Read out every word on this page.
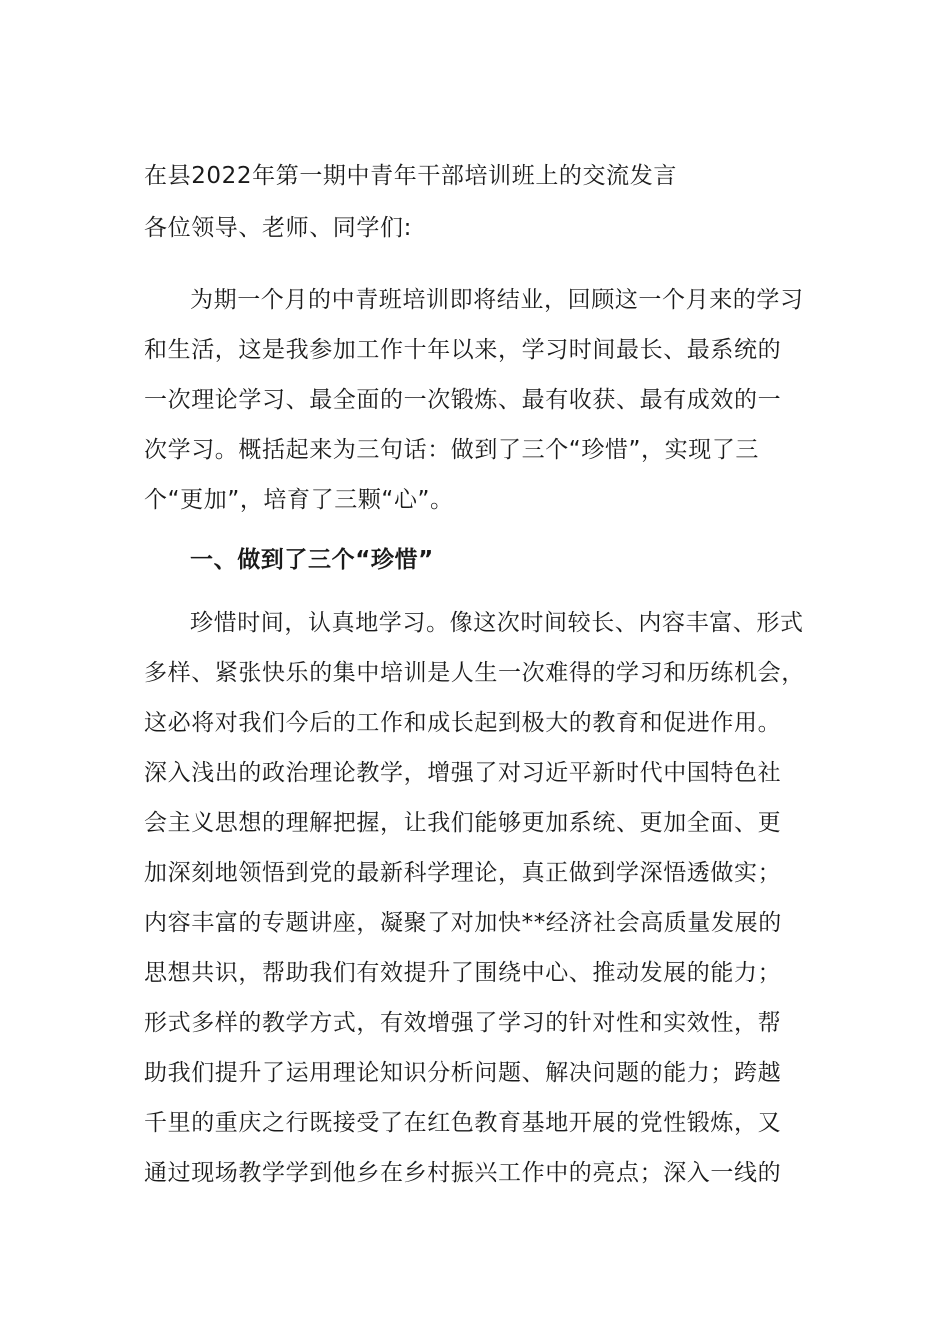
在县2022年第一期中青年干部培训班上的交流发言

各位领导、老师、同学们:

为期一个月的中青班培训即将结业，回顾这一个月来的学习
和生活，这是我参加工作十年以来，学习时间最长、最系统的
一次理论学习、最全面的一次锻炼、最有收获、最有成效的一
次学习。概括起来为三句话：做到了三个“珍惜”，实现了三
个“更加”，培育了三颗“心”。
一、做到了三个“珍惜”
珍惜时间，认真地学习。像这次时间较长、内容丰富、形式
多样、紧张快乐的集中培训是人生一次难得的学习和历练机会，
这必将对我们今后的工作和成长起到极大的教育和促进作用。
深入浅出的政治理论教学，增强了对习近平新时代中国特色社
会主义思想的理解把握，让我们能够更加系统、更加全面、更
加深刻地领悟到党的最新科学理论，真正做到学深悟透做实；
内容丰富的专题讲座，凝聚了对加快**经济社会高质量发展的
思想共识，帮助我们有效提升了围绕中心、推动发展的能力；
形式多样的教学方式，有效增强了学习的针对性和实效性，帮
助我们提升了运用理论知识分析问题、解决问题的能力；跨越
千里的重庆之行既接受了在红色教育基地开展的党性锻炼，又
通过现场教学学到他乡在乡村振兴工作中的亮点；深入一线的
